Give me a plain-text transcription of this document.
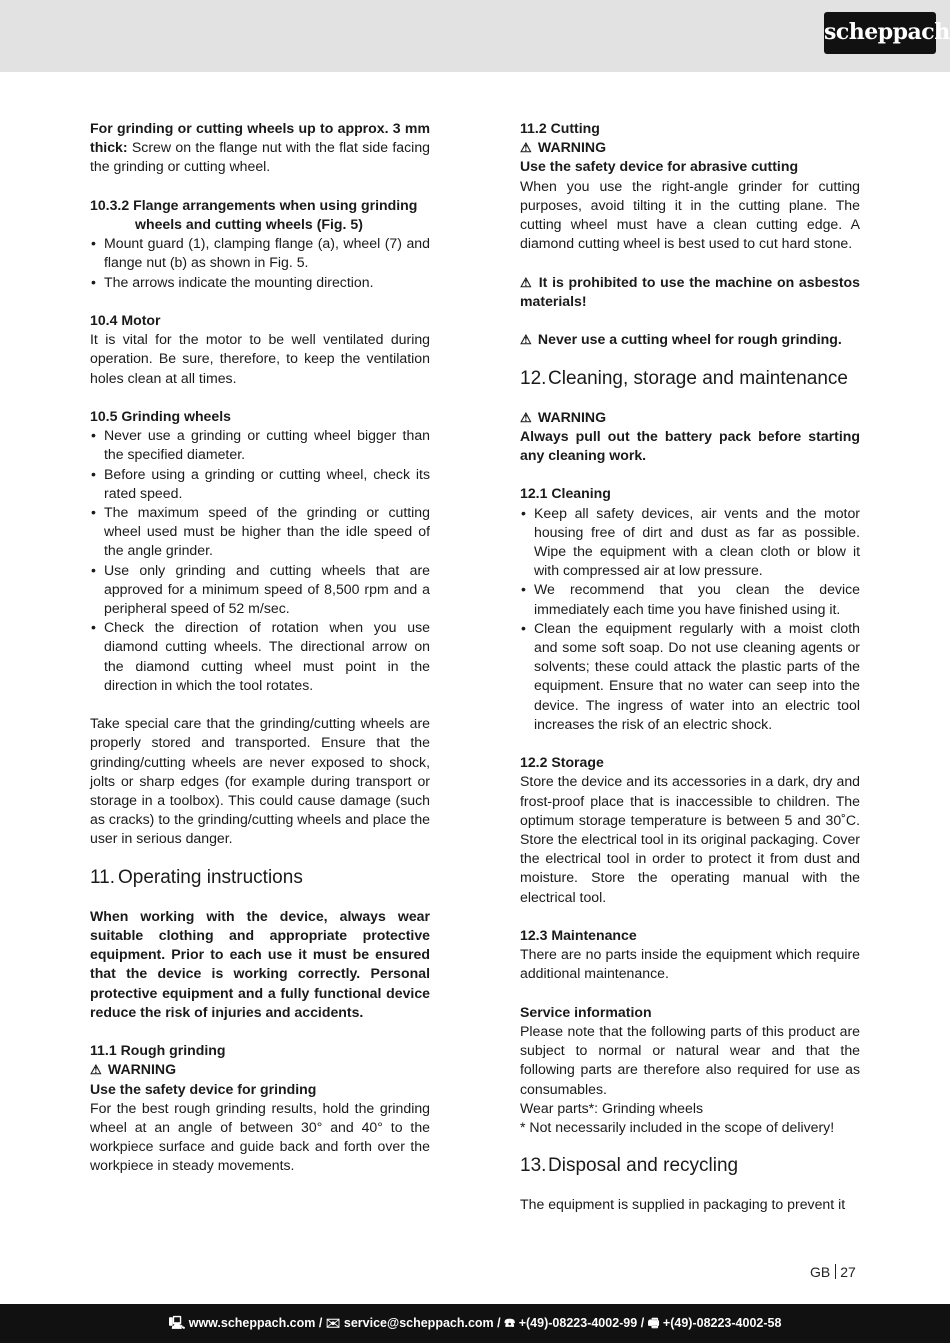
scheppach
For grinding or cutting wheels up to approx. 3 mm thick: Screw on the flange nut with the flat side facing the grinding or cutting wheel.
10.3.2 Flange arrangements when using grinding wheels and cutting wheels (Fig. 5)
• Mount guard (1), clamping flange (a), wheel (7) and flange nut (b) as shown in Fig. 5.
• The arrows indicate the mounting direction.
10.4 Motor
It is vital for the motor to be well ventilated during operation. Be sure, therefore, to keep the ventilation holes clean at all times.
10.5 Grinding wheels
• Never use a grinding or cutting wheel bigger than the specified diameter.
• Before using a grinding or cutting wheel, check its rated speed.
• The maximum speed of the grinding or cutting wheel used must be higher than the idle speed of the angle grinder.
• Use only grinding and cutting wheels that are approved for a minimum speed of 8,500 rpm and a peripheral speed of 52 m/sec.
• Check the direction of rotation when you use diamond cutting wheels. The directional arrow on the diamond cutting wheel must point in the direction in which the tool rotates.
Take special care that the grinding/cutting wheels are properly stored and transported. Ensure that the grinding/cutting wheels are never exposed to shock, jolts or sharp edges (for example during transport or storage in a toolbox). This could cause damage (such as cracks) to the grinding/cutting wheels and place the user in serious danger.
11. Operating instructions
When working with the device, always wear suitable clothing and appropriate protective equipment. Prior to each use it must be ensured that the device is working correctly. Personal protective equipment and a fully functional device reduce the risk of injuries and accidents.
11.1 Rough grinding
⚠ WARNING
Use the safety device for grinding
For the best rough grinding results, hold the grinding wheel at an angle of between 30° and 40° to the workpiece surface and guide back and forth over the workpiece in steady movements.
11.2 Cutting
⚠ WARNING
Use the safety device for abrasive cutting
When you use the right-angle grinder for cutting purposes, avoid tilting it in the cutting plane. The cutting wheel must have a clean cutting edge. A diamond cutting wheel is best used to cut hard stone.
⚠ It is prohibited to use the machine on asbestos materials!
⚠ Never use a cutting wheel for rough grinding.
12. Cleaning, storage and maintenance
⚠ WARNING
Always pull out the battery pack before starting any cleaning work.
12.1 Cleaning
• Keep all safety devices, air vents and the motor housing free of dirt and dust as far as possible. Wipe the equipment with a clean cloth or blow it with compressed air at low pressure.
• We recommend that you clean the device immediately each time you have finished using it.
• Clean the equipment regularly with a moist cloth and some soft soap. Do not use cleaning agents or solvents; these could attack the plastic parts of the equipment. Ensure that no water can seep into the device. The ingress of water into an electric tool increases the risk of an electric shock.
12.2 Storage
Store the device and its accessories in a dark, dry and frost-proof place that is inaccessible to children. The optimum storage temperature is between 5 and 30˚C. Store the electrical tool in its original packaging. Cover the electrical tool in order to protect it from dust and moisture. Store the operating manual with the electrical tool.
12.3 Maintenance
There are no parts inside the equipment which require additional maintenance.
Service information
Please note that the following parts of this product are subject to normal or natural wear and that the following parts are therefore also required for use as consumables.
Wear parts*: Grinding wheels
* Not necessarily included in the scope of delivery!
13. Disposal and recycling
The equipment is supplied in packaging to prevent it
GB 27
🖳 www.scheppach.com / ✉ service@scheppach.com / ☎ +(49)-08223-4002-99 / 🖷 +(49)-08223-4002-58
